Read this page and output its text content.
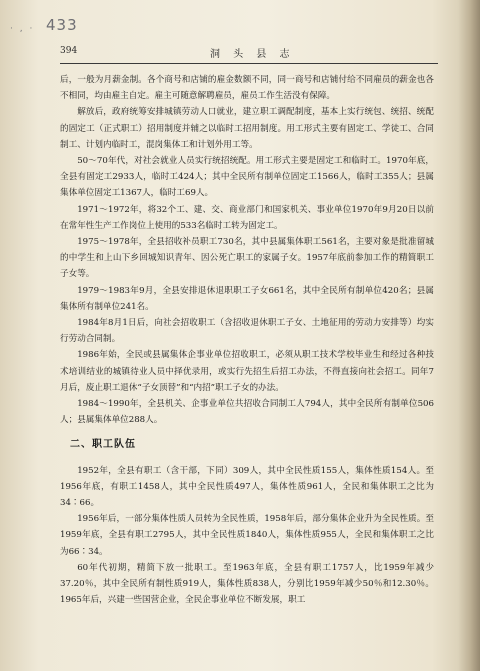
433
· , ·
394	洞 头 县 志

后，一般为月薪金制。各个商号和店铺的雇金数额不同，同一商号和店铺付给不同雇员的薪金也各不相同，均由雇主自定。雇主可随意解聘雇员，雇员工作生活没有保障。

解放后，政府统筹安排城镇劳动人口就业，建立职工调配制度，基本上实行统包、统招、统配的固定工（正式职工）招用制度并辅之以临时工招用制度。用工形式主要有固定工、学徒工、合同制工、计划内临时工，混岗集体工和计划外用工等。

50～70年代，对社会就业人员实行统招统配。用工形式主要是固定工和临时工。1970年底，全县有固定工2933人，临时工424人；其中全民所有制单位固定工1566人，临时工355人；县属集体单位固定工1367人，临时工69人。

1971～1972年，将32个工、建、交、商业部门和国家机关、事业单位1970年9月20日以前在常年性生产工作岗位上使用的533名临时工转为固定工。

1975～1978年，全县招收补员职工730名，其中县属集体职工561名，主要对象是批准留城的中学生和上山下乡回城知识青年、因公死亡职工的家属子女。1957年底前参加工作的精简职工子女等。

1979～1983年9月，全县安排退休退职职工子女661名，其中全民所有制单位420名；县属集体所有制单位241名。

1984年8月1日后，向社会招收职工（含招收退休职工子女、土地征用的劳动力安排等）均实行劳动合同制。

1986年始，全民或县属集体企事业单位招收职工，必须从职工技术学校毕业生和经过各种技术培训结业的城镇待业人员中择优录用，或实行先招生后招工办法，不得直接向社会招工。同年7月后，废止职工退休“子女顶替”和“内招”职工子女的办法。

1984～1990年，全县机关、企事业单位共招收合同制工人794人，其中全民所有制单位506人；县属集体单位288人。

二、职工队伍

1952年，全县有职工（含干部，下同）309人，其中全民性质155人，集体性质154人。至1956年底，有职工1458人，其中全民性质497人，集体性质961人，全民和集体职工之比为34∶66。

1956年后，一部分集体性质人员转为全民性质，1958年后，部分集体企业升为全民性质。至1959年底，全县有职工2795人，其中全民性质1840人，集体性质955人，全民和集体职工之比为66∶34。

60年代初期，精简下放一批职工。至1963年底，全县有职工1757人，比1959年减少37.20％，其中全民所有制性质919人，集体性质838人，分别比1959年减少50％和12.30％。1965年后，兴建一些国营企业，全民企事业单位不断发展，职工
